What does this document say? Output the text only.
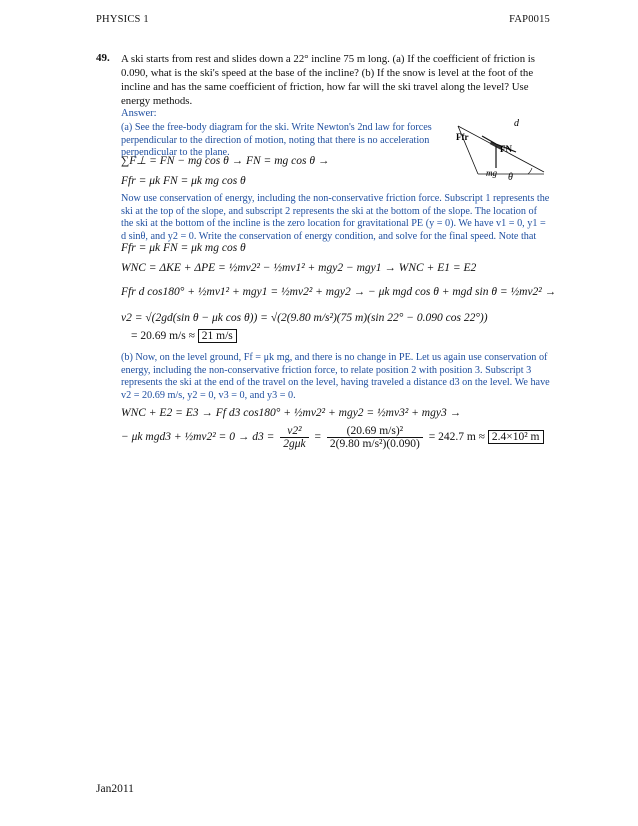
PHYSICS 1	FAP0015
49. A ski starts from rest and slides down a 22° incline 75 m long. (a) If the coefficient of friction is 0.090, what is the ski's speed at the base of the incline? (b) If the snow is level at the foot of the incline and has the same coefficient of friction, how far will the ski travel along the level? Use energy methods.
Answer:
(a) See the free-body diagram for the ski. Write Newton's 2nd law for forces perpendicular to the direction of motion, noting that there is no acceleration perpendicular to the plane.
∑F⊥ = FN − mg cos θ → FN = mg cos θ →
Ffr = μk FN = μk mg cos θ
Now use conservation of energy, including the non-conservative friction force. Subscript 1 represents the ski at the top of the slope, and subscript 2 represents the ski at the bottom of the slope. The location of the ski at the bottom of the incline is the zero location for gravitational PE (y = 0). We have v1 = 0, y1 = d sinθ, and y2 = 0. Write the conservation of energy condition, and solve for the final speed. Note that
Ffr = μk FN = μk mg cos θ
WNC = ΔKE + ΔPE = ½mv2² − ½mv1² + mgy2 − mgy1 → WNC + E1 = E2
Ffr d cos180° + ½mv1² + mgy1 = ½mv2² + mgy2 → − μk mgd cos θ + mgd sin θ = ½mv2² →
v2 = √(2gd(sin θ − μk cos θ)) = √(2(9.80 m/s²)(75 m)(sin 22° − 0.090 cos 22°))
= 20.69 m/s ≈ 21 m/s
(b) Now, on the level ground, Ff = μk mg, and there is no change in PE. Let us again use conservation of energy, including the non-conservative friction force, to relate position 2 with position 3. Subscript 3 represents the ski at the end of the travel on the level, having traveled a distance d3 on the level. We have v2 = 20.69 m/s, y2 = 0, v3 = 0, and y3 = 0.
WNC + E2 = E3 → Ff d3 cos180° + ½mv2² + mgy2 = ½mv3² + mgy3 →
− μk mgd3 + ½mv2² = $0 \to d3 = \frac{\text{v2²}}{\text{2gμk}} = \frac{\text{(20.69 m/s)²}}{\text{2(9.80 m/s²)(0.090)}} = 242.7$ m ≈ 2.4×10² m
d
Ffr
FN
mg θ
Jan2011
